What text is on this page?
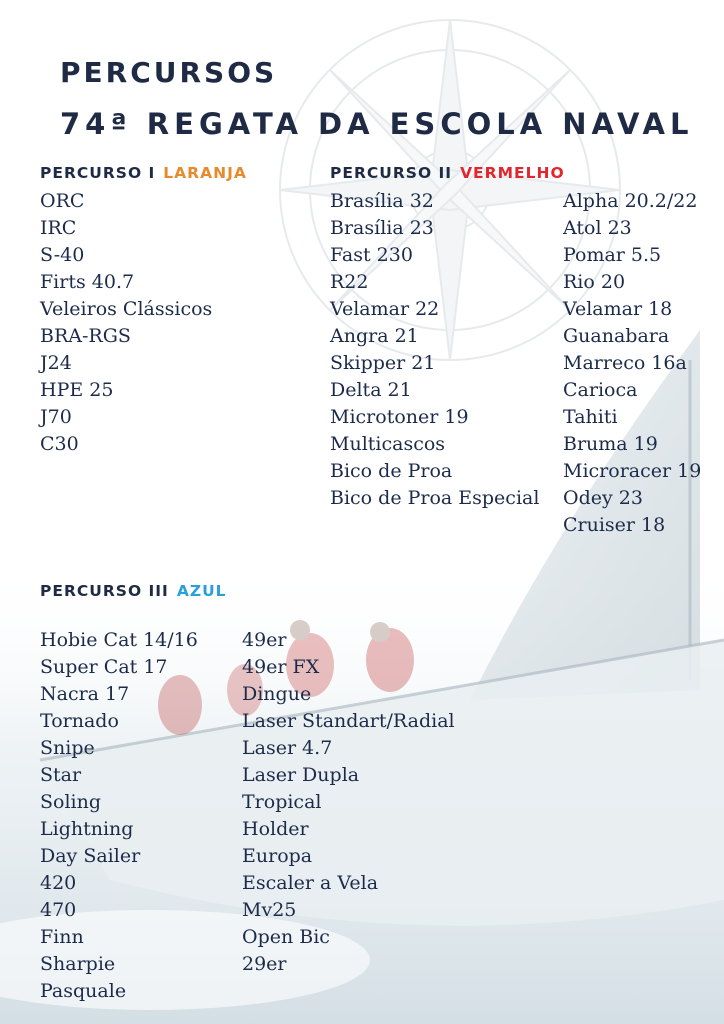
PERCURSOS
74ª REGATA DA ESCOLA NAVAL
PERCURSO I LARANJA
ORC
IRC
S-40
Firts 40.7
Veleiros Clássicos
BRA-RGS
J24
HPE 25
J70
C30
PERCURSO II VERMELHO
Brasília 32
Brasília 23
Fast 230
R22
Velamar 22
Angra 21
Skipper 21
Delta 21
Microtoner 19
Multicascos
Bico de Proa
Bico de Proa Especial
Alpha 20.2/22
Atol 23
Pomar 5.5
Rio 20
Velamar 18
Guanabara
Marreco 16a
Carioca
Tahiti
Bruma 19
Microracer 19
Odey 23
Cruiser 18
PERCURSO III AZUL
Hobie Cat 14/16
Super Cat 17
Nacra 17
Tornado
Snipe
Star
Soling
Lightning
Day Sailer
420
470
Finn
Sharpie
Pasquale
49er
49er FX
Dingue
Laser Standart/Radial
Laser 4.7
Laser Dupla
Tropical
Holder
Europa
Escaler a Vela
Mv25
Open Bic
29er
